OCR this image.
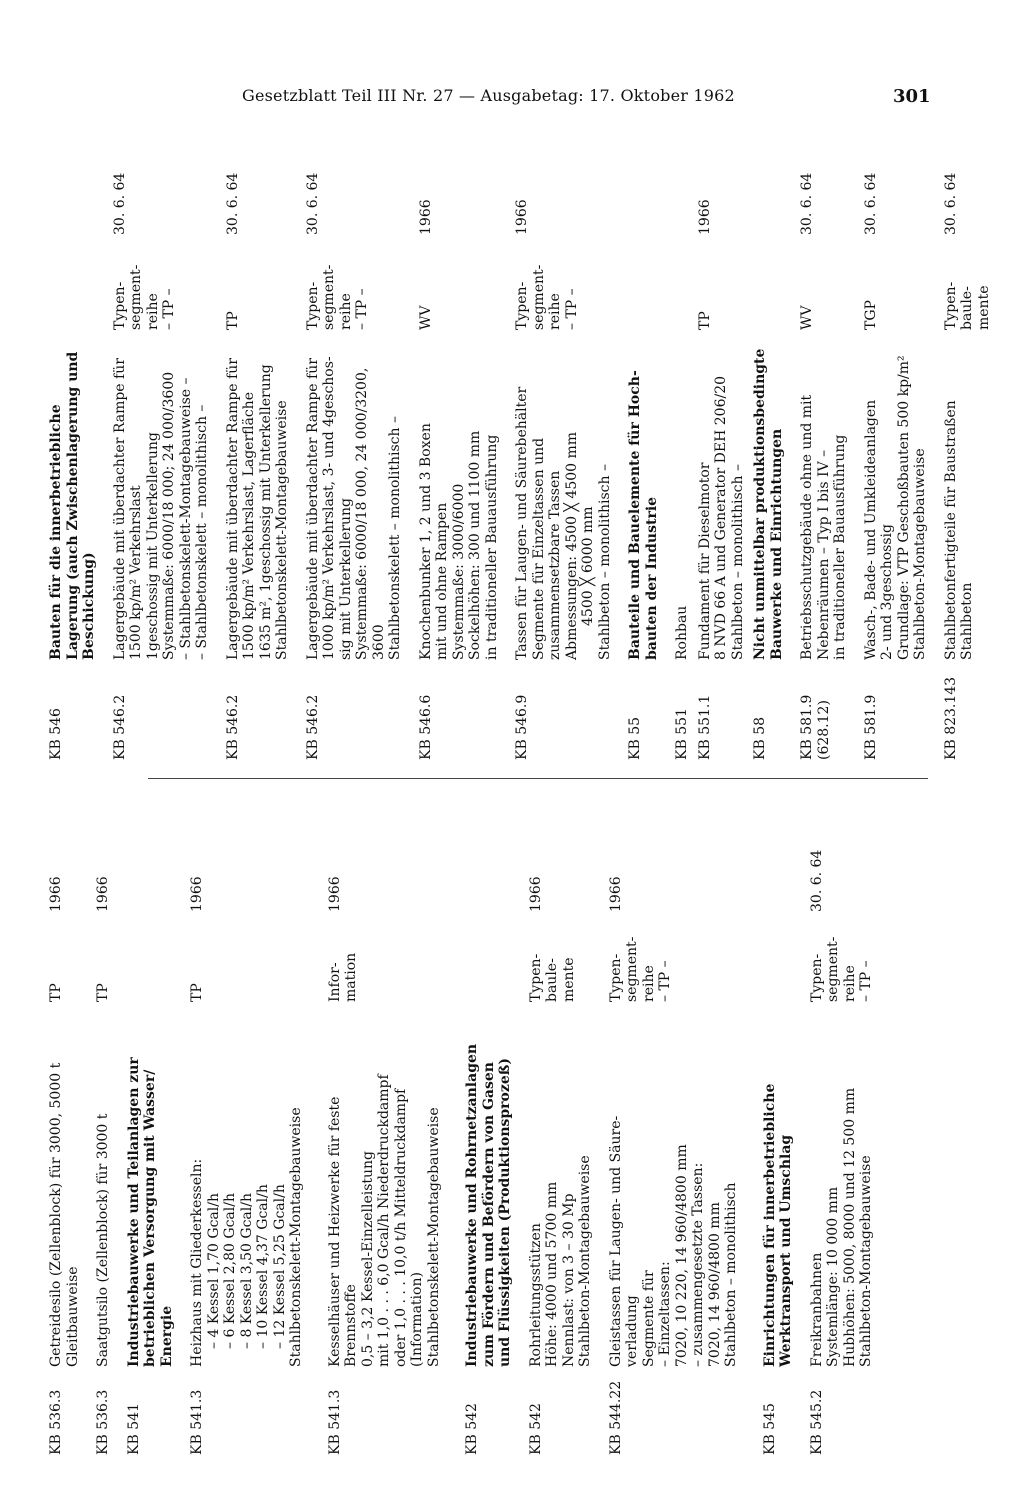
Gesetzblatt Teil III Nr. 27 — Ausgabetag: 17. Oktober 1962	301
KB 536.3
Getreidesilo (Zellenblock) für 3000, 5000 t Gleitbauweise
TP
1966
KB 536.3
Saatgutsilo (Zellenblock) für 3000 t
TP
1966
KB 541
Industriebauwerke und Teilanlagen zur betrieblichen Versorgung mit Wasser/ Energie
KB 541.3
Heizhaus mit Gliederkesseln: – 4 Kessel 1,70 Gcal/h – 6 Kessel 2,80 Gcal/h – 8 Kessel 3,50 Gcal/h – 10 Kessel 4,37 Gcal/h – 12 Kessel 5,25 Gcal/h Stahlbetonskelett-Montagebauweise
TP
1966
KB 541.3
Kesselhäuser und Heizwerke für feste Brennstoffe 0,5 – 3,2 Kessel-Einzelleistung mit 1,0 . . . 6,0 Gcal/h Niederdruckdampf oder 1,0 . . . 10,0 t/h Mitteldruckdampf (Information) Stahlbetonskelett-Montagebauweise
Infor- mation
1966
KB 542
Industriebauwerke und Rohrnetzanlagen zum Fördern und Befördern von Gasen und Flüssigkeiten (Produktionsprozeß)
KB 542
Rohrleitungsstützen Höhe: 4000 und 5700 mm Nennlast: von 3 – 30 Mp Stahlbeton-Montagebauweise
Typen- baule- mente
1966
KB 544.22
Gleistassen für Laugen- und Säure- verladung Segmente für – Einzeltassen: 7020, 10 220, 14 960/4800 mm – zusammengesetzte Tassen: 7020, 14 960/4800 mm Stahlbeton – monolithisch
Typen- segment- reihe – TP –
1966
KB 545
Einrichtungen für innerbetriebliche Werktransport und Umschlag
KB 545.2
Freikranbahnen Systemlänge: 10 000 mm Hubhöhen: 5000, 8000 und 12 500 mm Stahlbeton-Montagebauweise
Typen- segment- reihe – TP –
30. 6. 64
KB 546
Bauten für die innerbetriebliche Lagerung (auch Zwischenlagerung und Beschickung)
KB 546.2
Lagergebäude mit überdachter Rampe für 1500 kp/m² Verkehrslast 1geschossig mit Unterkellerung Systemmaße: 6000/18 000; 24 000/3600 – Stahlbetonskelett-Montagebauweise – – Stahlbetonskelett – monolithisch –
Typen- segment- reihe – TP –
30. 6. 64
KB 546.2
Lagergebäude mit überdachter Rampe für 1500 kp/m² Verkehrslast, Lagerfläche 1635 m², 1geschossig mit Unterkellerung Stahlbetonskelett-Montagebauweise
TP
30. 6. 64
KB 546.2
Lagergebäude mit überdachter Rampe für 1000 kp/m² Verkehrslast, 3- und 4geschos- sig mit Unterkellerung Systemmaße: 6000/18 000, 24 000/3200, 3600 Stahlbetonskelett – monolithisch –
Typen- segment- reihe – TP –
30. 6. 64
KB 546.6
Knochenbunker 1, 2 und 3 Boxen mit und ohne Rampen Systemmaße: 3000/6000 Sockelhöhen: 300 und 1100 mm in traditioneller Bauausführung
WV
1966
KB 546.9
Tassen für Laugen- und Säurebehälter Segmente für Einzeltassen und zusammensetzbare Tassen Abmessungen: 4500 ╳ 4500 mm 4500 ╳ 6000 mm Stahlbeton – monolithisch –
Typen- segment- reihe – TP –
1966
KB 55
Bauteile und Bauelemente für Hoch- bauten der Industrie
KB 551
Rohbau
KB 551.1
Fundament für Dieselmotor 8 NVD 66 A und Generator DEH 206/20 Stahlbeton – monolithisch –
TP
1966
KB 58
Nicht unmittelbar produktionsbedingte Bauwerke und Einrichtungen
KB 581.9 (628.12)
Betriebsschutzgebäude ohne und mit Nebenräumen – Typ I bis IV – in traditioneller Bauausführung
WV
30. 6. 64
KB 581.9
Wasch-, Bade- und Umkleideanlagen 2- und 3geschossig Grundlage: VTP Geschoßbauten 500 kp/m² Stahlbeton-Montagebauweise
TGP
30. 6. 64
KB 823.143
Stahlbetonfertigteile für Baustraßen Stahlbeton
Typen- baule- mente
30. 6. 64
